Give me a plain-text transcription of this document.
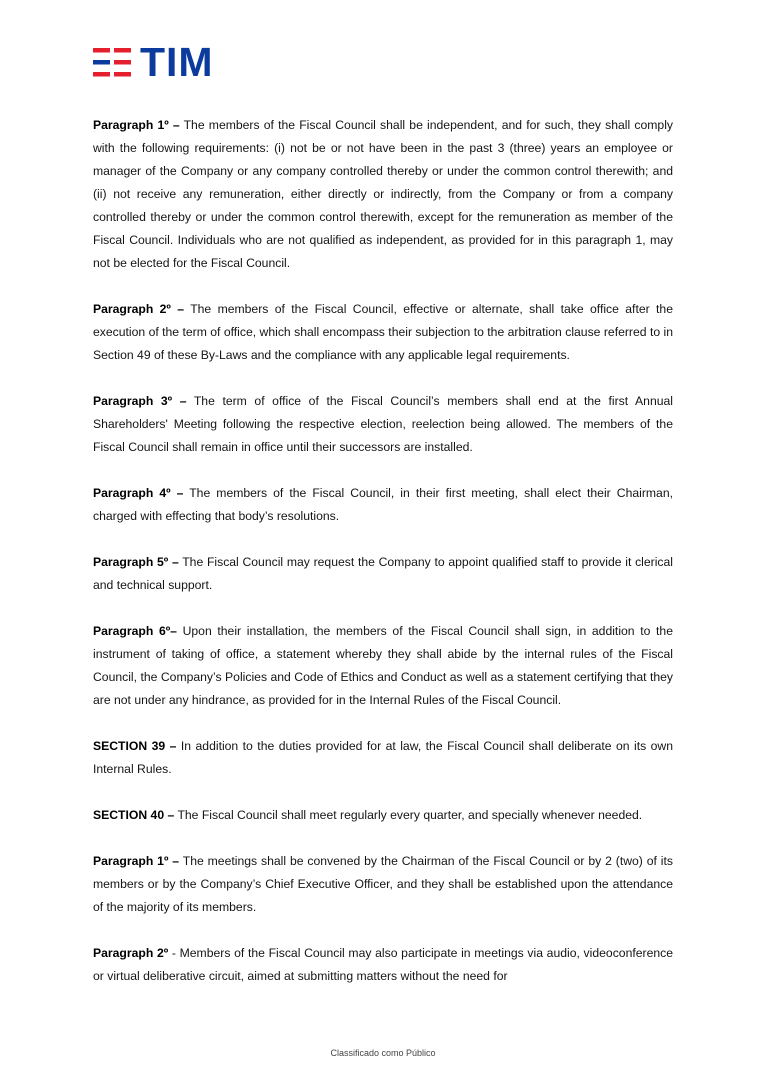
TIM

Paragraph 1º – The members of the Fiscal Council shall be independent, and for such, they shall comply with the following requirements: (i) not be or not have been in the past 3 (three) years an employee or manager of the Company or any company controlled thereby or under the common control therewith; and (ii) not receive any remuneration, either directly or indirectly, from the Company or from a company controlled thereby or under the common control therewith, except for the remuneration as member of the Fiscal Council. Individuals who are not qualified as independent, as provided for in this paragraph 1, may not be elected for the Fiscal Council.

Paragraph 2º – The members of the Fiscal Council, effective or alternate, shall take office after the execution of the term of office, which shall encompass their subjection to the arbitration clause referred to in Section 49 of these By-Laws and the compliance with any applicable legal requirements.

Paragraph 3º – The term of office of the Fiscal Council’s members shall end at the first Annual Shareholders' Meeting following the respective election, reelection being allowed. The members of the Fiscal Council shall remain in office until their successors are installed.

Paragraph 4º – The members of the Fiscal Council, in their first meeting, shall elect their Chairman, charged with effecting that body’s resolutions.

Paragraph 5º – The Fiscal Council may request the Company to appoint qualified staff to provide it clerical and technical support.

Paragraph 6º– Upon their installation, the members of the Fiscal Council shall sign, in addition to the instrument of taking of office, a statement whereby they shall abide by the internal rules of the Fiscal Council, the Company’s Policies and Code of Ethics and Conduct as well as a statement certifying that they are not under any hindrance, as provided for in the Internal Rules of the Fiscal Council.

SECTION 39 – In addition to the duties provided for at law, the Fiscal Council shall deliberate on its own Internal Rules.

SECTION 40 – The Fiscal Council shall meet regularly every quarter, and specially whenever needed.

Paragraph 1º – The meetings shall be convened by the Chairman of the Fiscal Council or by 2 (two) of its members or by the Company’s Chief Executive Officer, and they shall be established upon the attendance of the majority of its members.

Paragraph 2º - Members of the Fiscal Council may also participate in meetings via audio, videoconference or virtual deliberative circuit, aimed at submitting matters without the need for

Classificado como Público
